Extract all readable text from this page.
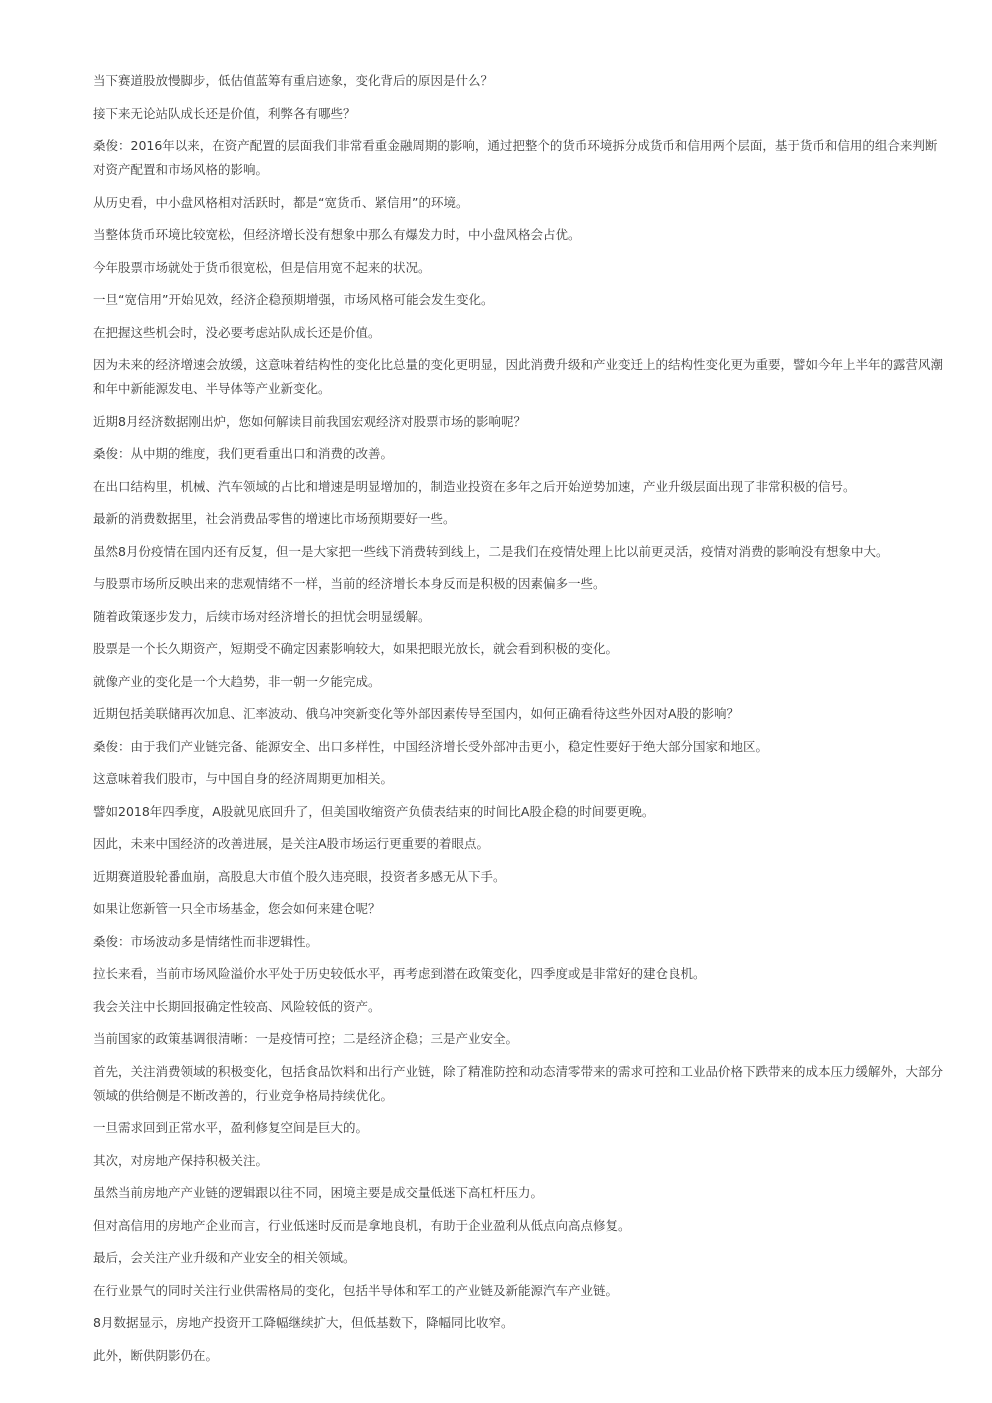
当下赛道股放慢脚步，低估值蓝筹有重启迹象，变化背后的原因是什么？

接下来无论站队成长还是价值，利弊各有哪些？

桑俊：2016年以来，在资产配置的层面我们非常看重金融周期的影响，通过把整个的货币环境拆分成货币和信用两个层面，基于货币和信用的组合来判断对资产配置和市场风格的影响。

从历史看，中小盘风格相对活跃时，都是“宽货币、紧信用”的环境。

当整体货币环境比较宽松，但经济增长没有想象中那么有爆发力时，中小盘风格会占优。

今年股票市场就处于货币很宽松，但是信用宽不起来的状况。

一旦“宽信用”开始见效，经济企稳预期增强，市场风格可能会发生变化。

在把握这些机会时，没必要考虑站队成长还是价值。

因为未来的经济增速会放缓，这意味着结构性的变化比总量的变化更明显，因此消费升级和产业变迁上的结构性变化更为重要，譬如今年上半年的露营风潮和年中新能源发电、半导体等产业新变化。

近期8月经济数据刚出炉，您如何解读目前我国宏观经济对股票市场的影响呢？

桑俊：从中期的维度，我们更看重出口和消费的改善。

在出口结构里，机械、汽车领域的占比和增速是明显增加的，制造业投资在多年之后开始逆势加速，产业升级层面出现了非常积极的信号。

最新的消费数据里，社会消费品零售的增速比市场预期要好一些。

虽然8月份疫情在国内还有反复，但一是大家把一些线下消费转到线上，二是我们在疫情处理上比以前更灵活，疫情对消费的影响没有想象中大。

与股票市场所反映出来的悲观情绪不一样，当前的经济增长本身反而是积极的因素偏多一些。

随着政策逐步发力，后续市场对经济增长的担忧会明显缓解。

股票是一个长久期资产，短期受不确定因素影响较大，如果把眼光放长，就会看到积极的变化。

就像产业的变化是一个大趋势，非一朝一夕能完成。

近期包括美联储再次加息、汇率波动、俄乌冲突新变化等外部因素传导至国内，如何正确看待这些外因对A股的影响？

桑俊：由于我们产业链完备、能源安全、出口多样性，中国经济增长受外部冲击更小，稳定性要好于绝大部分国家和地区。

这意味着我们股市，与中国自身的经济周期更加相关。

譬如2018年四季度，A股就见底回升了，但美国收缩资产负债表结束的时间比A股企稳的时间要更晚。

因此，未来中国经济的改善进展，是关注A股市场运行更重要的着眼点。

近期赛道股轮番血崩，高股息大市值个股久违亮眼，投资者多感无从下手。

如果让您新管一只全市场基金，您会如何来建仓呢？

桑俊：市场波动多是情绪性而非逻辑性。

拉长来看，当前市场风险溢价水平处于历史较低水平，再考虑到潜在政策变化，四季度或是非常好的建仓良机。

我会关注中长期回报确定性较高、风险较低的资产。

当前国家的政策基调很清晰：一是疫情可控；二是经济企稳；三是产业安全。

首先，关注消费领域的积极变化，包括食品饮料和出行产业链，除了精准防控和动态清零带来的需求可控和工业品价格下跌带来的成本压力缓解外，大部分领域的供给侧是不断改善的，行业竞争格局持续优化。

一旦需求回到正常水平，盈利修复空间是巨大的。

其次，对房地产保持积极关注。

虽然当前房地产产业链的逻辑跟以往不同，困境主要是成交量低迷下高杠杆压力。

但对高信用的房地产企业而言，行业低迷时反而是拿地良机，有助于企业盈利从低点向高点修复。

最后，会关注产业升级和产业安全的相关领域。

在行业景气的同时关注行业供需格局的变化，包括半导体和军工的产业链及新能源汽车产业链。

8月数据显示，房地产投资开工降幅继续扩大，但低基数下，降幅同比收窄。

此外，断供阴影仍在。
